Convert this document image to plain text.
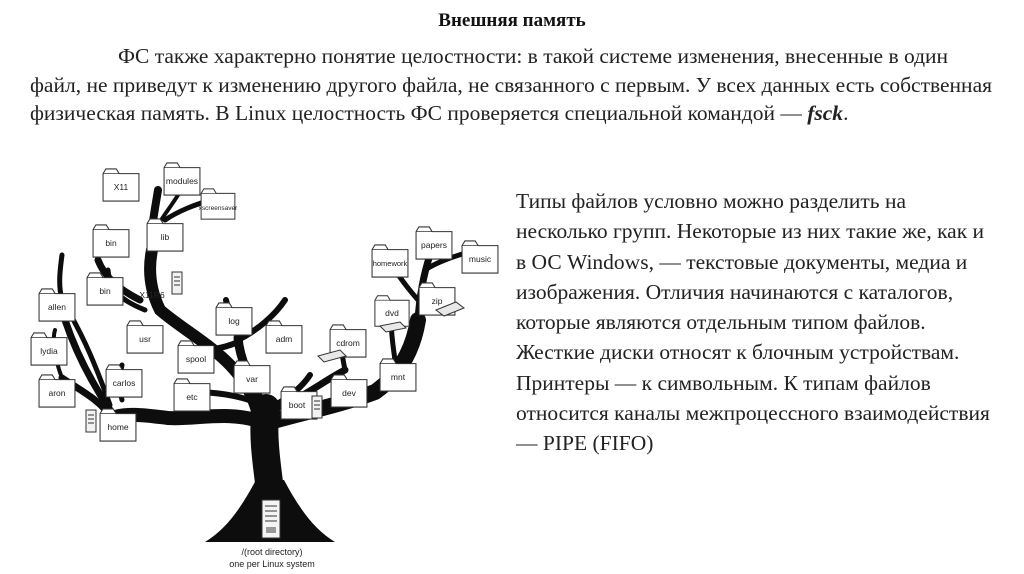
Внешняя память
ФС также характерно понятие целостности: в такой системе изменения, внесенные в один файл, не приведут к изменению другого файла, не связанного с первым. У всех данных есть собственная физическая память. В Linux целостность ФС проверяется специальной командой — fsck.
Типы файлов условно можно разделить на несколько групп. Некоторые из них такие же, как и в ОС Windows, — текстовые документы, медиа и изображения. Отличия начинаются с каталогов, которые являются отдельным типом файлов. Жесткие диски относят к блочным устройствам. Принтеры — к символьным. К типам файлов относится каналы межпроцессного взаимодействия — PIPE (FIFO)
/(root directory)
one per Linux system
X11
modules
xscreensaver
bin
lib
bin	X11R6
allen
lydia
aron
carlos
home
usr
log
adm
spool
var
etc
boot
cdrom
dev
mnt
dvd
homework
papers
music
zip
